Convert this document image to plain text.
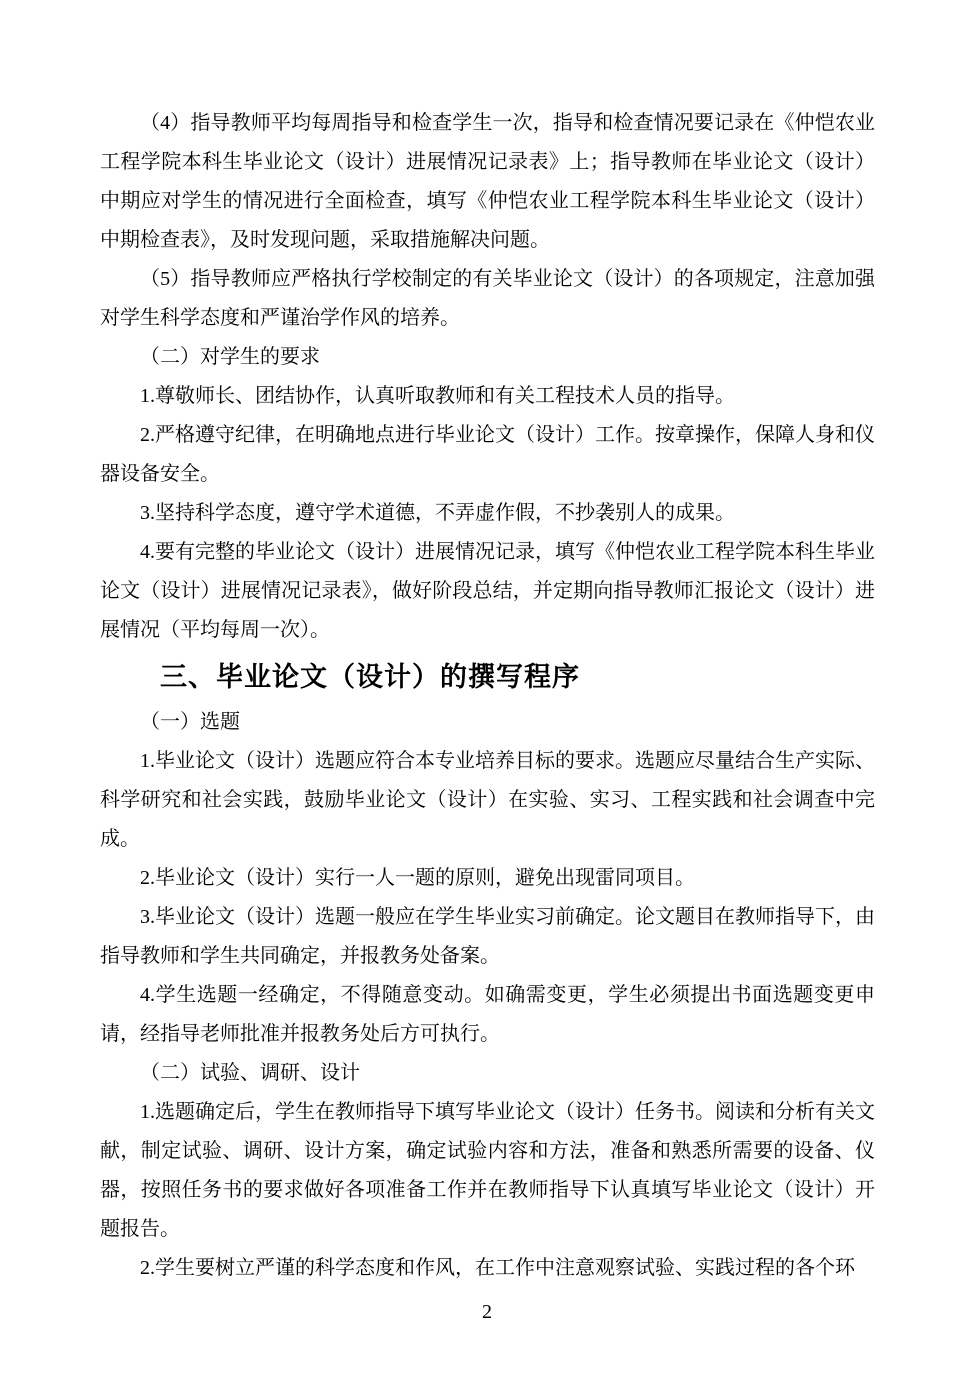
（4）指导教师平均每周指导和检查学生一次，指导和检查情况要记录在《仲恺农业工程学院本科生毕业论文（设计）进展情况记录表》上；指导教师在毕业论文（设计）中期应对学生的情况进行全面检查，填写《仲恺农业工程学院本科生毕业论文（设计）中期检查表》，及时发现问题，采取措施解决问题。

（5）指导教师应严格执行学校制定的有关毕业论文（设计）的各项规定，注意加强对学生科学态度和严谨治学作风的培养。

（二）对学生的要求

1.尊敬师长、团结协作，认真听取教师和有关工程技术人员的指导。

2.严格遵守纪律，在明确地点进行毕业论文（设计）工作。按章操作，保障人身和仪器设备安全。

3.坚持科学态度，遵守学术道德，不弄虚作假，不抄袭别人的成果。

4.要有完整的毕业论文（设计）进展情况记录，填写《仲恺农业工程学院本科生毕业论文（设计）进展情况记录表》，做好阶段总结，并定期向指导教师汇报论文（设计）进展情况（平均每周一次）。

三、毕业论文（设计）的撰写程序

（一）选题

1.毕业论文（设计）选题应符合本专业培养目标的要求。选题应尽量结合生产实际、科学研究和社会实践，鼓励毕业论文（设计）在实验、实习、工程实践和社会调查中完成。

2.毕业论文（设计）实行一人一题的原则，避免出现雷同项目。

3.毕业论文（设计）选题一般应在学生毕业实习前确定。论文题目在教师指导下，由指导教师和学生共同确定，并报教务处备案。

4.学生选题一经确定，不得随意变动。如确需变更，学生必须提出书面选题变更申请，经指导老师批准并报教务处后方可执行。

（二）试验、调研、设计

1.选题确定后，学生在教师指导下填写毕业论文（设计）任务书。阅读和分析有关文献，制定试验、调研、设计方案，确定试验内容和方法，准备和熟悉所需要的设备、仪器，按照任务书的要求做好各项准备工作并在教师指导下认真填写毕业论文（设计）开题报告。

2.学生要树立严谨的科学态度和作风，在工作中注意观察试验、实践过程的各个环

2
